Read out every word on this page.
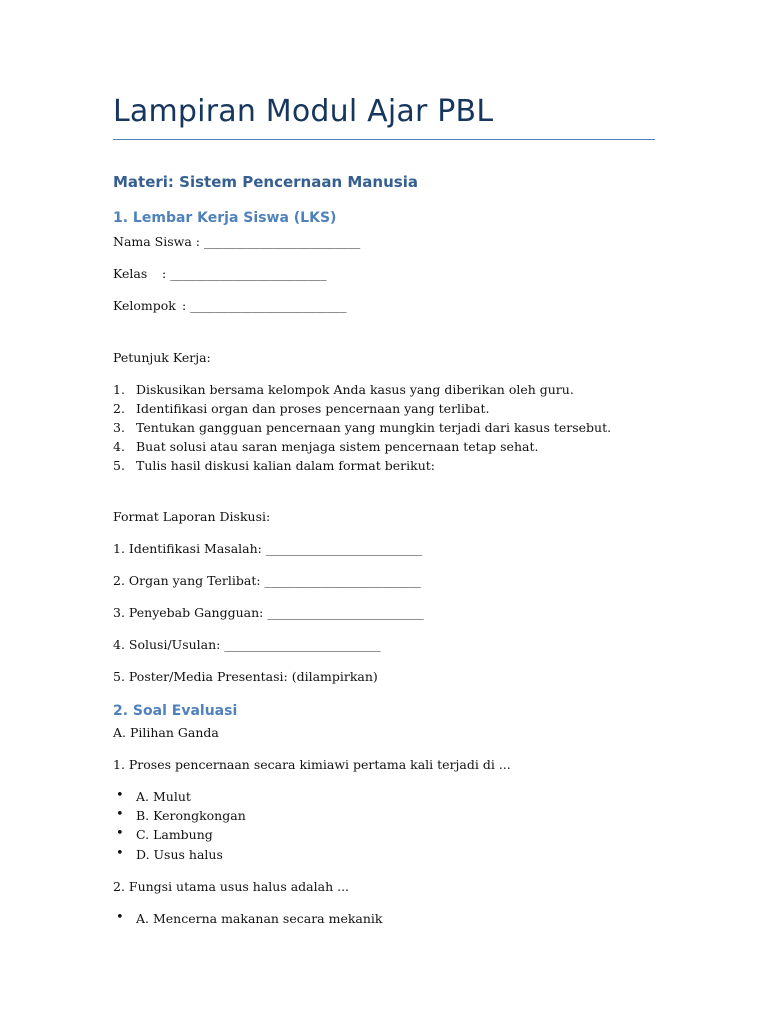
Lampiran Modul Ajar PBL
Materi: Sistem Pencernaan Manusia
1. Lembar Kerja Siswa (LKS)
Nama Siswa : _________________________
Kelas : _________________________
Kelompok : _________________________
Petunjuk Kerja:
1. Diskusikan bersama kelompok Anda kasus yang diberikan oleh guru.
2. Identifikasi organ dan proses pencernaan yang terlibat.
3. Tentukan gangguan pencernaan yang mungkin terjadi dari kasus tersebut.
4. Buat solusi atau saran menjaga sistem pencernaan tetap sehat.
5. Tulis hasil diskusi kalian dalam format berikut:
Format Laporan Diskusi:
1. Identifikasi Masalah: _________________________
2. Organ yang Terlibat: _________________________
3. Penyebab Gangguan: _________________________
4. Solusi/Usulan: _________________________
5. Poster/Media Presentasi: (dilampirkan)
2. Soal Evaluasi
A. Pilihan Ganda
1. Proses pencernaan secara kimiawi pertama kali terjadi di ...
• A. Mulut
• B. Kerongkongan
• C. Lambung
• D. Usus halus
2. Fungsi utama usus halus adalah ...
• A. Mencerna makanan secara mekanik
